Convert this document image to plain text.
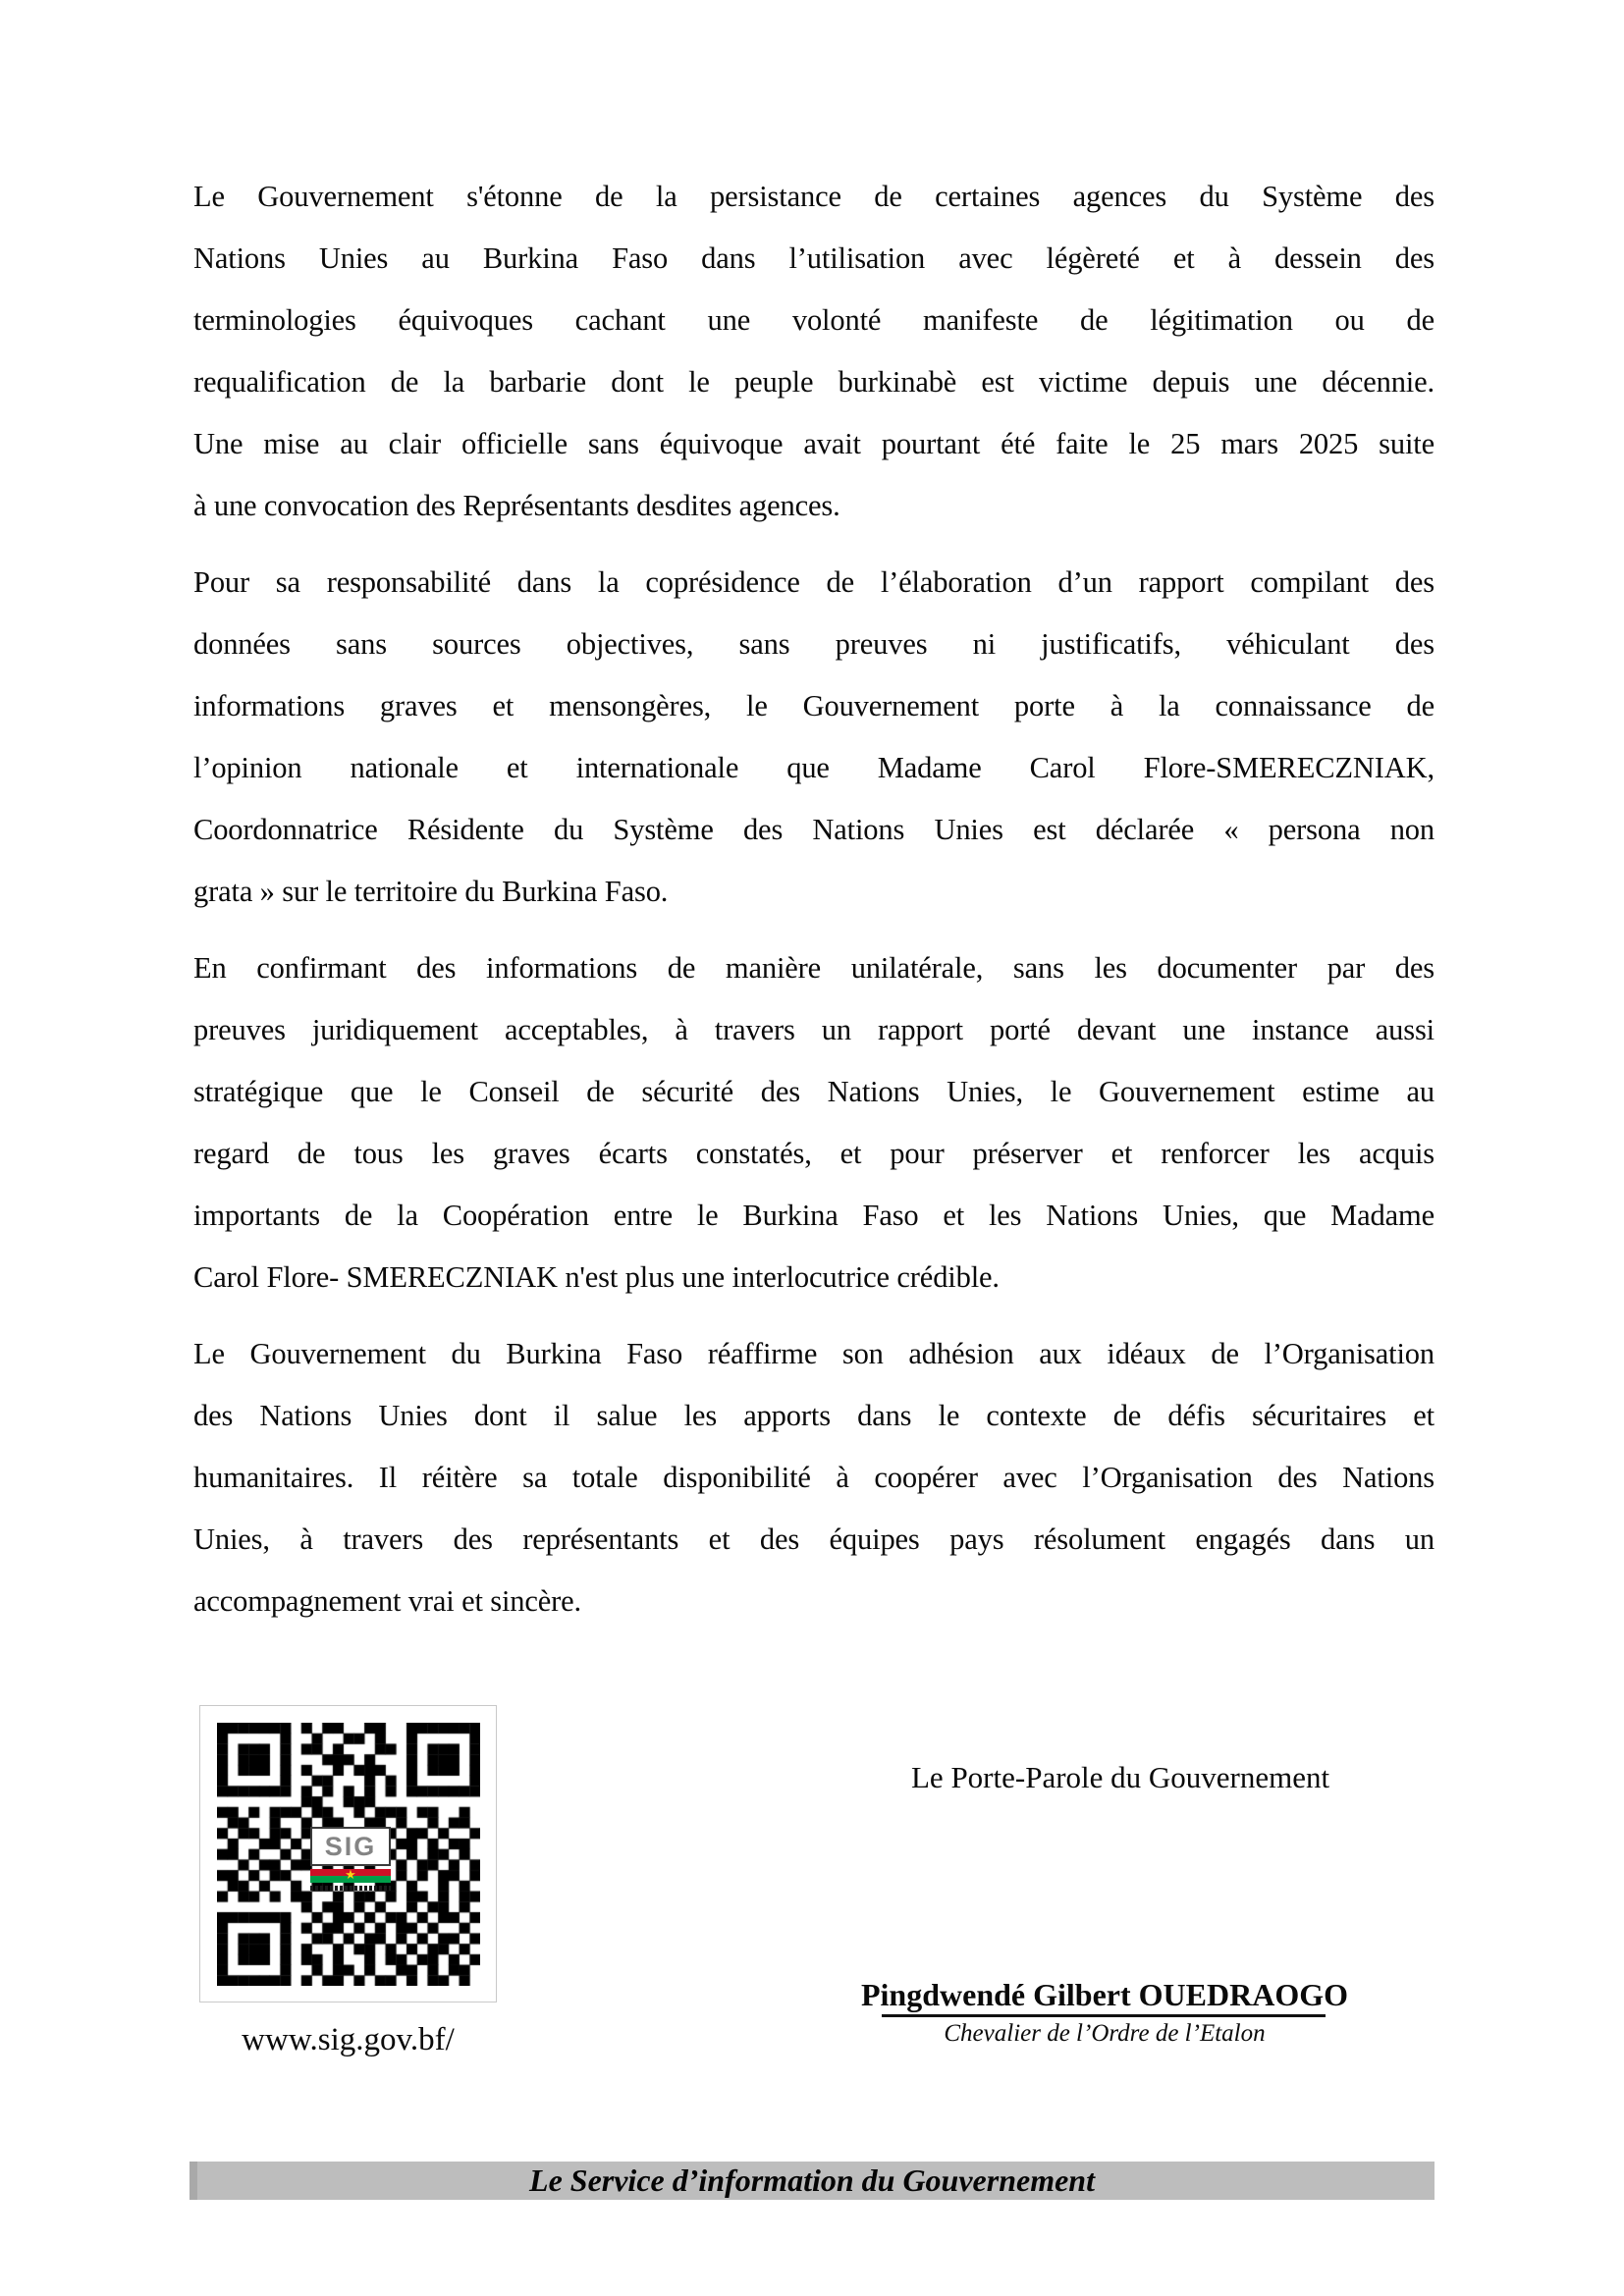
Le Gouvernement s'étonne de la persistance de certaines agences du Système des
Nations Unies au Burkina Faso dans l’utilisation avec légèreté et à dessein des
terminologies équivoques cachant une volonté manifeste de légitimation ou de
requalification de la barbarie dont le peuple burkinabè est victime depuis une décennie.
Une mise au clair officielle sans équivoque avait pourtant été faite le 25 mars 2025 suite
à une convocation des Représentants desdites agences.
Pour sa responsabilité dans la coprésidence de l’élaboration d’un rapport compilant des
données sans sources objectives, sans preuves ni justificatifs, véhiculant des
informations graves et mensongères, le Gouvernement porte à la connaissance de
l’opinion nationale et internationale que Madame Carol Flore-SMERECZNIAK,
Coordonnatrice Résidente du Système des Nations Unies est déclarée « persona non
grata » sur le territoire du Burkina Faso.
En confirmant des informations de manière unilatérale, sans les documenter par des
preuves juridiquement acceptables, à travers un rapport porté devant une instance aussi
stratégique que le Conseil de sécurité des Nations Unies, le Gouvernement estime au
regard de tous les graves écarts constatés, et pour préserver et renforcer les acquis
importants de la Coopération entre le Burkina Faso et les Nations Unies, que Madame
Carol Flore- SMERECZNIAK n'est plus une interlocutrice crédible.
Le Gouvernement du Burkina Faso réaffirme son adhésion aux idéaux de l’Organisation
des Nations Unies dont il salue les apports dans le contexte de défis sécuritaires et
humanitaires. Il réitère sa totale disponibilité à coopérer avec l’Organisation des Nations
Unies, à travers des représentants et des équipes pays résolument engagés dans un
accompagnement vrai et sincère.
SIG
★
www.sig.gov.bf/
Le Porte-Parole du Gouvernement
Pingdwendé Gilbert OUEDRAOGO
Chevalier de l’Ordre de l’Etalon
Le Service d’information du Gouvernement
